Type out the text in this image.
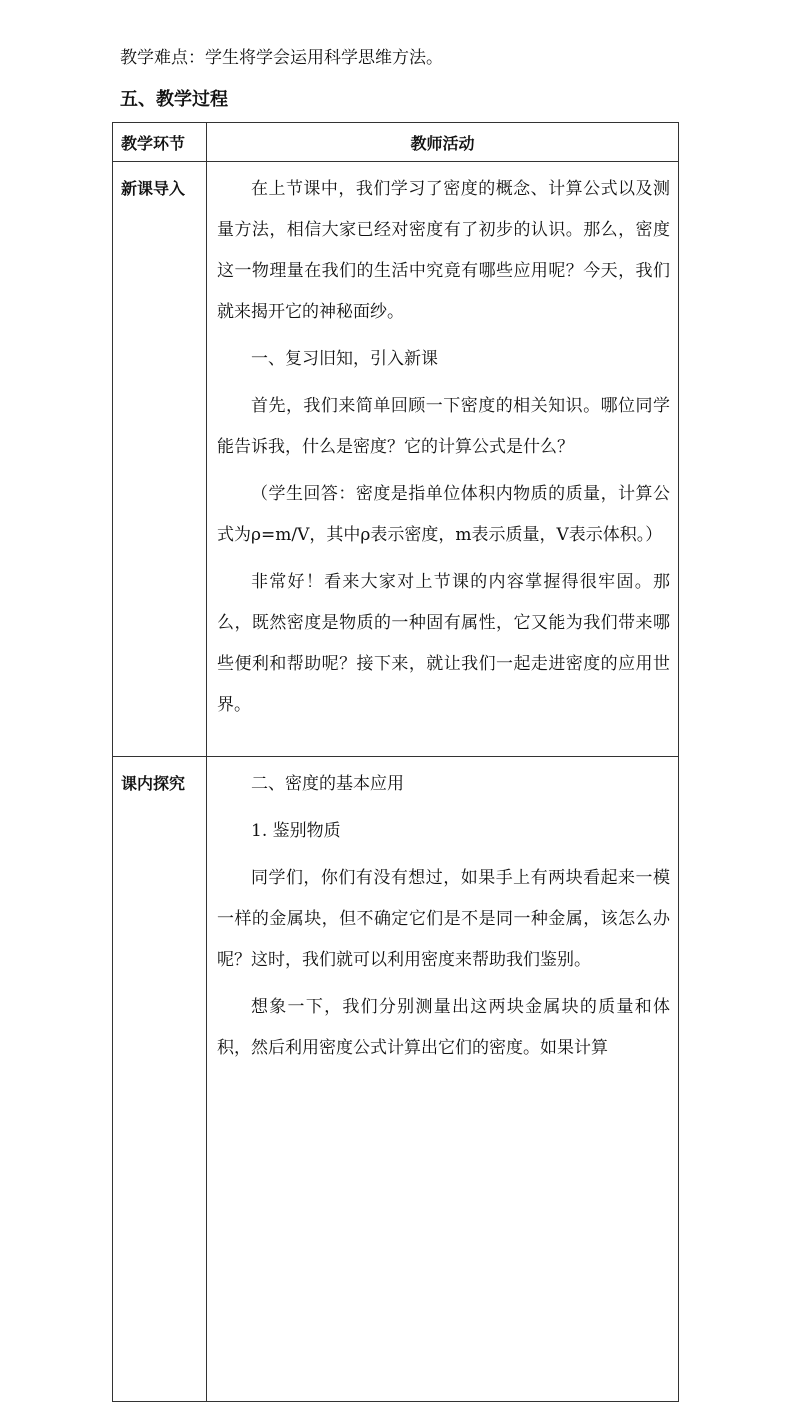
教学难点：学生将学会运用科学思维方法。
五、教学过程
教学环节	教师活动
新课导入	在上节课中，我们学习了密度的概念、计算公式以及测量方法，相信大家已经对密度有了初步的认识。那么，密度这一物理量在我们的生活中究竟有哪些应用呢？今天，我们就来揭开它的神秘面纱。

一、复习旧知，引入新课

首先，我们来简单回顾一下密度的相关知识。哪位同学能告诉我，什么是密度？它的计算公式是什么？

（学生回答：密度是指单位体积内物质的质量，计算公式为ρ=m/V，其中ρ表示密度，m表示质量，V表示体积。）

非常好！看来大家对上节课的内容掌握得很牢固。那么，既然密度是物质的一种固有属性，它又能为我们带来哪些便利和帮助呢？接下来，就让我们一起走进密度的应用世界。

课内探究	二、密度的基本应用

1. 鉴别物质

同学们，你们有没有想过，如果手上有两块看起来一模一样的金属块，但不确定它们是不是同一种金属，该怎么办呢？这时，我们就可以利用密度来帮助我们鉴别。

想象一下，我们分别测量出这两块金属块的质量和体积，然后利用密度公式计算出它们的密度。如果计算
